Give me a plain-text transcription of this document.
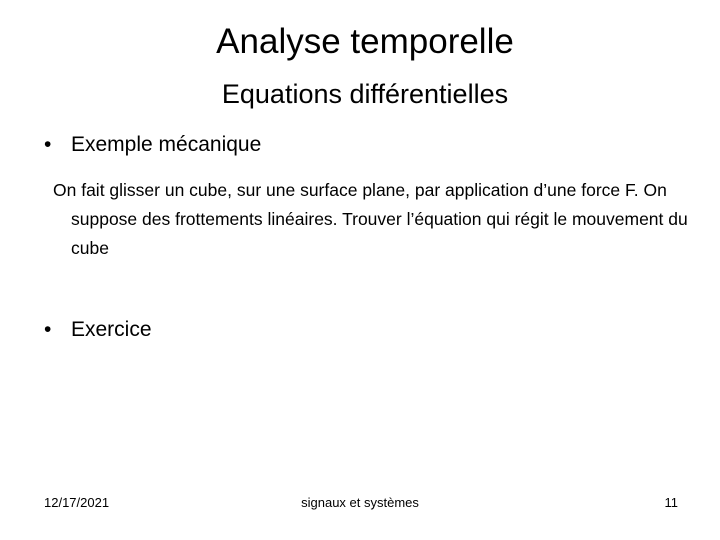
Analyse temporelle
Equations différentielles
• Exemple mécanique
On fait glisser un cube, sur une surface plane, par application d’une force F. On suppose des frottements linéaires. Trouver l’équation qui régit le mouvement du cube
• Exercice
12/17/2021	signaux et systèmes	11
